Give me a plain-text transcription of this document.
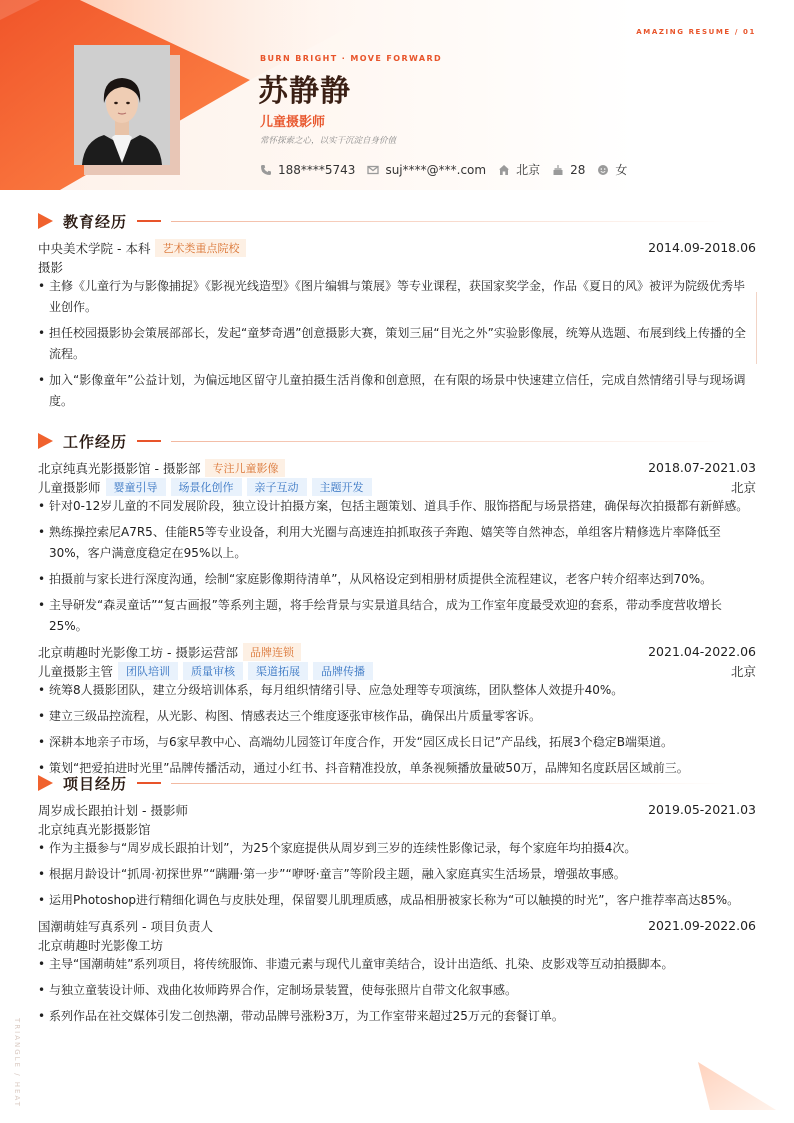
AMAZING RESUME / 01
BURN BRIGHT · MOVE FORWARD
苏静静
儿童摄影师
常怀探索之心，以实干沉淀自身价值
188****5743	suj****@***.com	北京	28	女
教育经历
中央美术学院 - 本科	艺术类重点院校	2014.09-2018.06
摄影
• 主修《儿童行为与影像捕捉》《影视光线造型》《图片编辑与策展》等专业课程，获国家奖学金，作品《夏日的风》被评为院级优秀毕业创作。
• 担任校园摄影协会策展部部长，发起“童梦奇遇”创意摄影大赛，策划三届“目光之外”实验影像展，统筹从选题、布展到线上传播的全流程。
• 加入“影像童年”公益计划，为偏远地区留守儿童拍摄生活肖像和创意照，在有限的场景中快速建立信任，完成自然情绪引导与现场调度。
工作经历
北京纯真光影摄影馆 - 摄影部	专注儿童影像	2018.07-2021.03
儿童摄影师	婴童引导	场景化创作	亲子互动	主题开发	北京
• 针对0-12岁儿童的不同发展阶段，独立设计拍摄方案，包括主题策划、道具手作、服饰搭配与场景搭建，确保每次拍摄都有新鲜感。
• 熟练操控索尼A7R5、佳能R5等专业设备，利用大光圈与高速连拍抓取孩子奔跑、嬉笑等自然神态，单组客片精修选片率降低至30%，客户满意度稳定在95%以上。
• 拍摄前与家长进行深度沟通，绘制“家庭影像期待清单”，从风格设定到相册材质提供全流程建议，老客户转介绍率达到70%。
• 主导研发“森灵童话”“复古画报”等系列主题，将手绘背景与实景道具结合，成为工作室年度最受欢迎的套系，带动季度营收增长25%。
北京萌趣时光影像工坊 - 摄影运营部	品牌连锁	2021.04-2022.06
儿童摄影主管	团队培训	质量审核	渠道拓展	品牌传播	北京
• 统筹8人摄影团队，建立分级培训体系，每月组织情绪引导、应急处理等专项演练，团队整体人效提升40%。
• 建立三级品控流程，从光影、构图、情感表达三个维度逐张审核作品，确保出片质量零客诉。
• 深耕本地亲子市场，与6家早教中心、高端幼儿园签订年度合作，开发“园区成长日记”产品线，拓展3个稳定B端渠道。
• 策划“把爱拍进时光里”品牌传播活动，通过小红书、抖音精准投放，单条视频播放量破50万，品牌知名度跃居区域前三。
项目经历
周岁成长跟拍计划 - 摄影师	2019.05-2021.03
北京纯真光影摄影馆
• 作为主摄参与“周岁成长跟拍计划”，为25个家庭提供从周岁到三岁的连续性影像记录，每个家庭年均拍摄4次。
• 根据月龄设计“抓周·初探世界”“蹒跚·第一步”“咿呀·童言”等阶段主题，融入家庭真实生活场景，增强故事感。
• 运用Photoshop进行精细化调色与皮肤处理，保留婴儿肌理质感，成品相册被家长称为“可以触摸的时光”，客户推荐率高达85%。
国潮萌娃写真系列 - 项目负责人	2021.09-2022.06
北京萌趣时光影像工坊
• 主导“国潮萌娃”系列项目，将传统服饰、非遗元素与现代儿童审美结合，设计出造纸、扎染、皮影戏等互动拍摄脚本。
• 与独立童装设计师、戏曲化妆师跨界合作，定制场景装置，使每张照片自带文化叙事感。
• 系列作品在社交媒体引发二创热潮，带动品牌号涨粉3万，为工作室带来超过25万元的套餐订单。
TRIANGLE / HEAT
